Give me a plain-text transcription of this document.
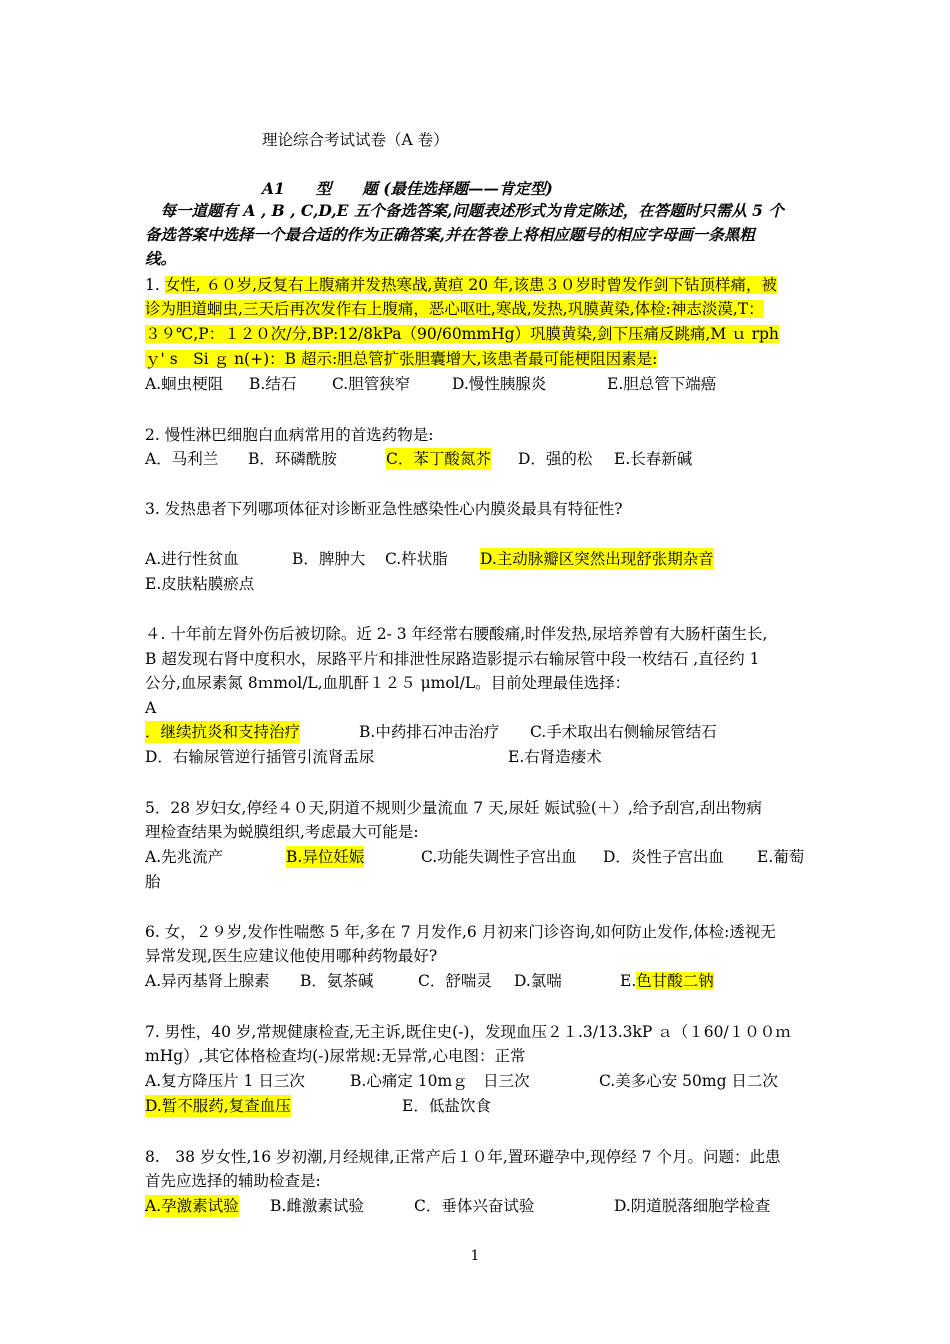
理论综合考试试卷（A 卷）
A1　　型　　题 (最佳选择题——肯定型)
　每一道题有 A , B , C,D,E 五个备选答案,问题表述形式为肯定陈述，在答题时只需从 5 个
备选答案中选择一个最合适的作为正确答案,并在答卷上将相应题号的相应字母画一条黑粗
线。
1. 女性, ６０岁,反复右上腹痛并发热寒战,黄疸 20 年,该患３０岁时曾发作剑下钻顶样痛，被
诊为胆道蛔虫,三天后再次发作右上腹痛，恶心呕吐,寒战,发热,巩膜黄染,体检:神志淡漠,T：
３９℃,P：１２０次/分,BP:12/8kPa（90/60mmHg）巩膜黄染,剑下压痛反跳痛,M ｕ rph
ｙ' s　Si ｇ n(+)：B 超示:胆总管扩张胆囊增大,该患者最可能梗阻因素是:
A.蛔虫梗阻 B.结石 C.胆管狭窄	D.慢性胰腺炎	E.胆总管下端癌
2. 慢性淋巴细胞白血病常用的首选药物是:
A．马利兰 B．环磷酰胺	C．苯丁酸氮芥 D．强的松 E.长春新碱
3. 发热患者下列哪项体征对诊断亚急性感染性心内膜炎最具有特征性?
A.进行性贫血	B．脾肿大 C.杵状脂 D.主动脉瓣区突然出现舒张期杂音
E.皮肤粘膜瘀点
４. 十年前左肾外伤后被切除。近 2- 3 年经常右腰酸痛,时伴发热,尿培养曾有大肠杆菌生长,
B 超发现右肾中度积水，尿路平片和排泄性尿路造影提示右输尿管中段一枚结石 ,直径约 1
公分,血尿素氮 8ｍmol/L,血肌酐１２５ μmol/L。目前处理最佳选择：
A
．继续抗炎和支持治疗	B.中药排石冲击治疗 C.手术取出右侧输尿管结石
D．右输尿管逆行插管引流肾盂尿	E.右肾造瘘术
5．28 岁妇女,停经４０天,阴道不规则少量流血 7 天,尿妊 娠试验(＋）,给予刮宫,刮出物病
理检查结果为蜕膜组织,考虑最大可能是:
A.先兆流产	B.异位妊娠	C.功能失调性子宫出血 D．炎性子宫出血 E.葡萄
胎
6. 女，２９岁,发作性喘憋 5 年,多在 7 月发作,6 月初来门诊咨询,如何防止发作,体检:透视无
异常发现,医生应建议他使用哪种药物最好?
A.异丙基肾上腺素 B．氨茶碱	C．舒喘灵 D.氯喘	E.色甘酸二钠
7. 男性，40 岁,常规健康检查,无主诉,既住史(-)，发现血压２１.3/13.3kP ａ（１60/１００ｍ
mHg）,其它体格检查均(-)尿常规:无异常,心电图：正常
A.复方降压片 1 日三次	B.心痛定 10mｇ　日三次	C.美多心安 50mg 日二次
D.暂不服药,复查血压	E．低盐饮食
8.　38 岁女性,16 岁初潮,月经规律,正常产后１０年,置环避孕中,现停经 7 个月。问题：此患
首先应选择的辅助检查是:
A.孕激素试验 B.雌激素试验	C．垂体兴奋试验	D.阴道脱落细胞学检查
1
